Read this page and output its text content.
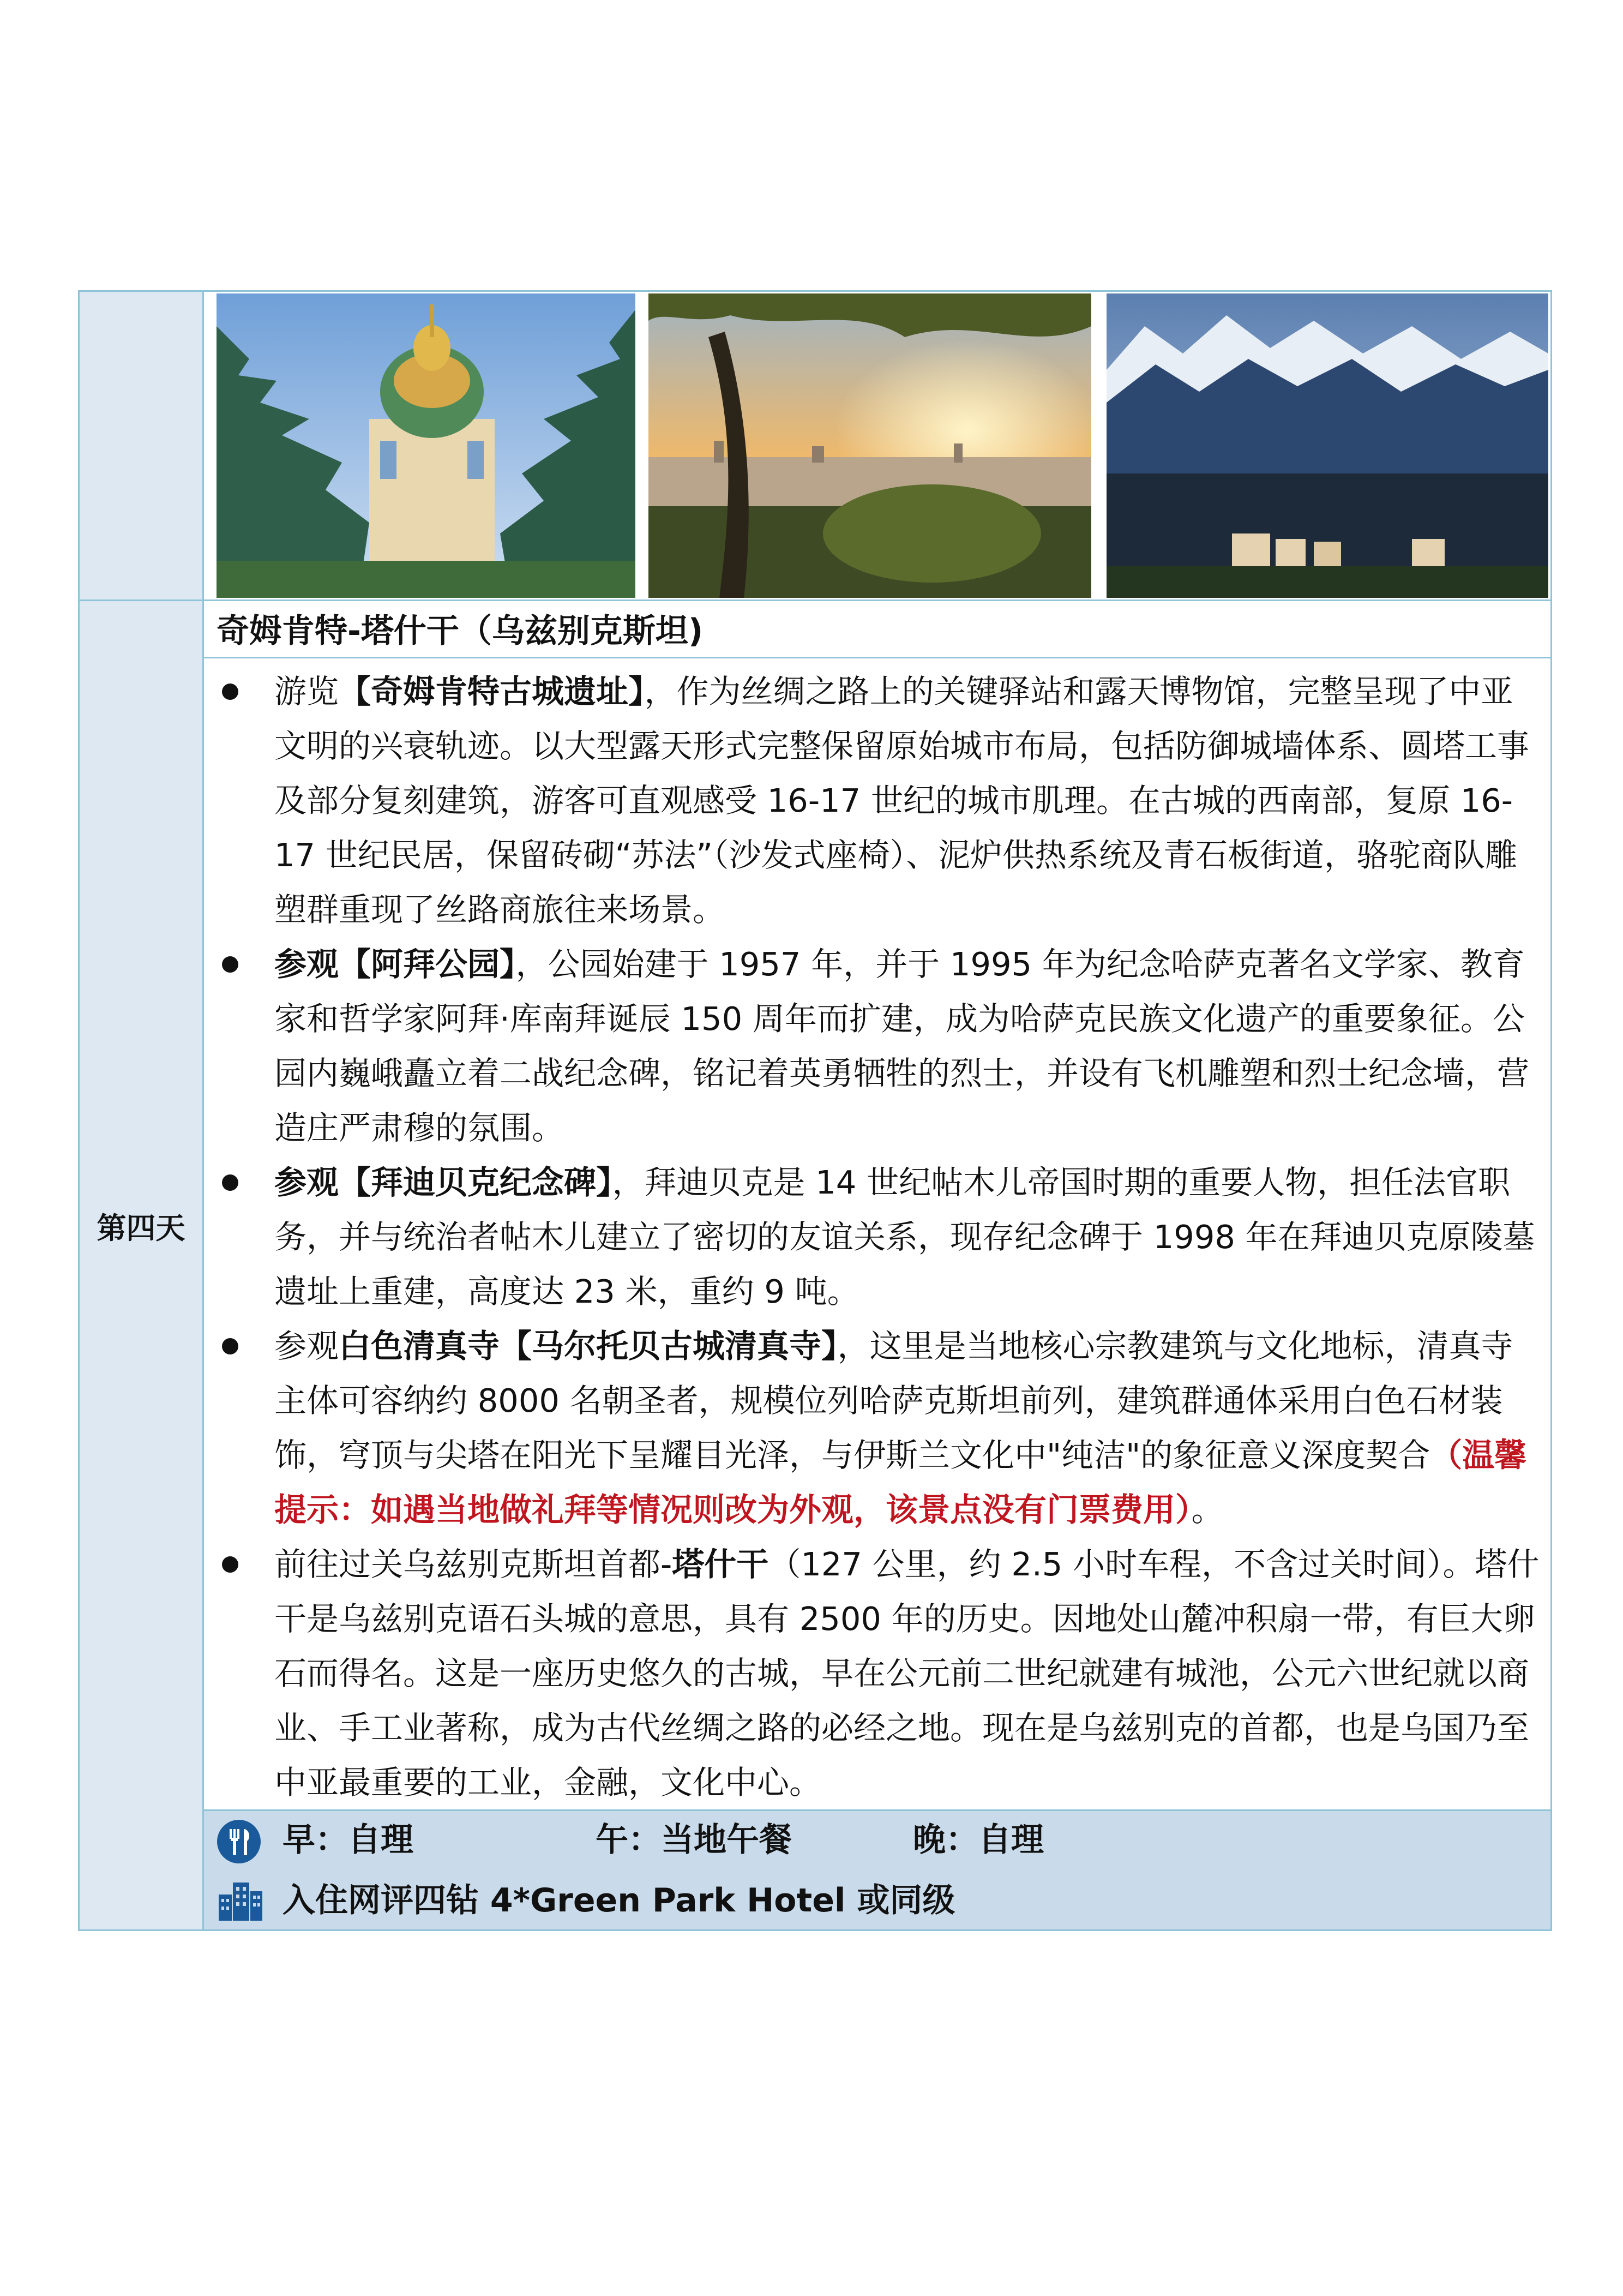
第四天
奇姆肯特-塔什干（乌兹别克斯坦)

游览【奇姆肯特古城遗址】，作为丝绸之路上的关键驿站和露天博物馆，完整呈现了中亚文明的兴衰轨迹。以大型露天形式完整保留原始城市布局，包括防御城墙体系、圆塔工事及部分复刻建筑，游客可直观感受 16-17 世纪的城市肌理。在古城的西南部，复原 16-17 世纪民居，保留砖砌“苏法”（沙发式座椅）、泥炉供热系统及青石板街道，骆驼商队雕塑群重现了丝路商旅往来场景。

参观【阿拜公园】，公园始建于 1957 年，并于 1995 年为纪念哈萨克著名文学家、教育家和哲学家阿拜·库南拜诞辰 150 周年而扩建，成为哈萨克民族文化遗产的重要象征。公园内巍峨矗立着二战纪念碑，铭记着英勇牺牲的烈士，并设有飞机雕塑和烈士纪念墙，营造庄严肃穆的氛围。

参观【拜迪贝克纪念碑】，拜迪贝克是 14 世纪帖木儿帝国时期的重要人物，担任法官职务，并与统治者帖木儿建立了密切的友谊关系，现存纪念碑于 1998 年在拜迪贝克原陵墓遗址上重建，高度达 23 米，重约 9 吨。

参观白色清真寺【马尔托贝古城清真寺】，这里是当地核心宗教建筑与文化地标，清真寺主体可容纳约 8000 名朝圣者，规模位列哈萨克斯坦前列，建筑群通体采用白色石材装饰，穹顶与尖塔在阳光下呈耀目光泽，与伊斯兰文化中"纯洁"的象征意义深度契合（温馨提示：如遇当地做礼拜等情况则改为外观，该景点没有门票费用）。

前往过关乌兹别克斯坦首都-塔什干（127 公里，约 2.5 小时车程，不含过关时间）。塔什干是乌兹别克语石头城的意思，具有 2500 年的历史。因地处山麓冲积扇一带，有巨大卵石而得名。这是一座历史悠久的古城，早在公元前二世纪就建有城池，公元六世纪就以商业、手工业著称，成为古代丝绸之路的必经之地。现在是乌兹别克的首都，也是乌国乃至中亚最重要的工业，金融，文化中心。

早：自理	午：当地午餐	晚：自理
入住网评四钻 4*Green Park Hotel 或同级
